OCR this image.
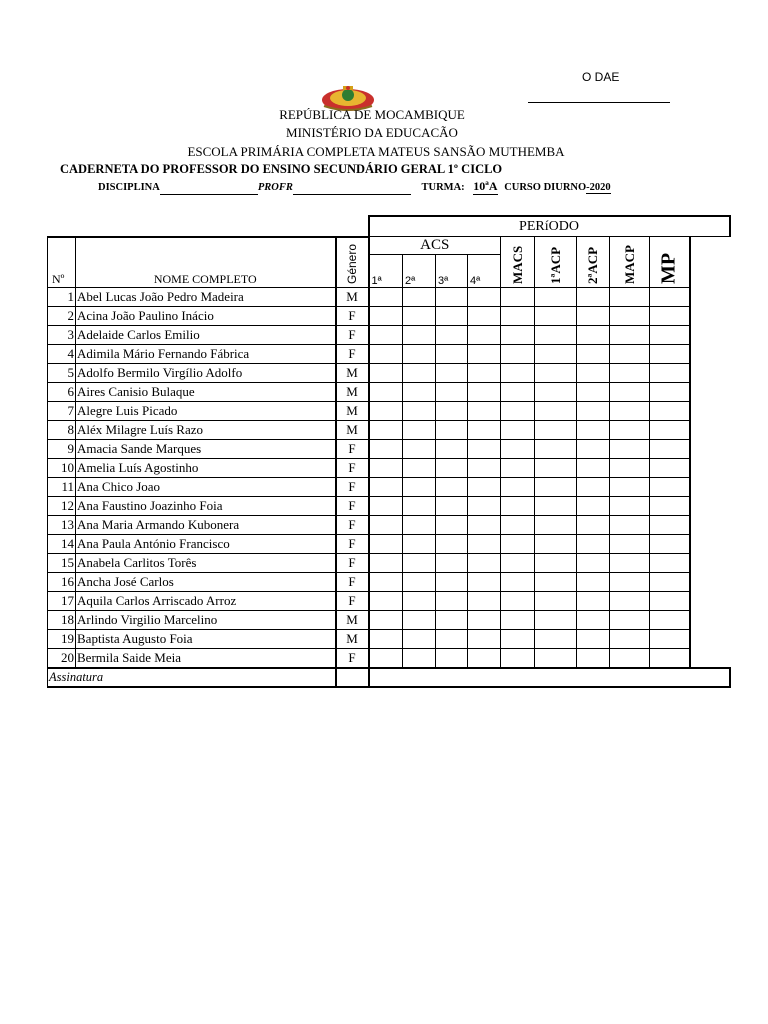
O DAE
REPÚBLICA DE MOCAMBIQUE
MINISTÉRIO DA EDUCACÃO
ESCOLA PRIMÁRIA COMPLETA MATEUS SANSÃO MUTHEMBA
CADERNETA DO PROFESSOR DO ENSINO SECUNDÁRIO GERAL 1º CICLO
DISCIPLINA	PROFR	TURMA: 10ªA CURSO DIURNO-2020
			PERíODO								
Nº	NOME COMPLETO	Género	ACS				MACS	1ªACP	2ªACP	MACP	MP

			1ª	2ª	3ª	4ª					
1	Abel Lucas João Pedro Madeira	M									
2	Acina João Paulino Inácio	F									
3	Adelaide Carlos Emilio	F									
4	Adimila Mário Fernando Fábrica	F									
5	Adolfo Bermilo Virgílio Adolfo	M									
6	Aires Canisio Bulaque	M									
7	Alegre Luis Picado	M									
8	Aléx Milagre Luís Razo	M									
9	Amacia Sande Marques	F									
10	Amelia Luís Agostinho	F									
11	Ana Chico Joao	F									
12	Ana Faustino Joazinho Foia	F									
13	Ana Maria Armando Kubonera	F									
14	Ana Paula António Francisco	F									
15	Anabela Carlitos Torês	F									
16	Ancha José Carlos	F									
17	Aquila Carlos Arriscado Arroz	F									
18	Arlindo Virgilio Marcelino	M									
19	Baptista Augusto Foia	M									
20	Bermila Saide Meia	F									
Assinatura											
